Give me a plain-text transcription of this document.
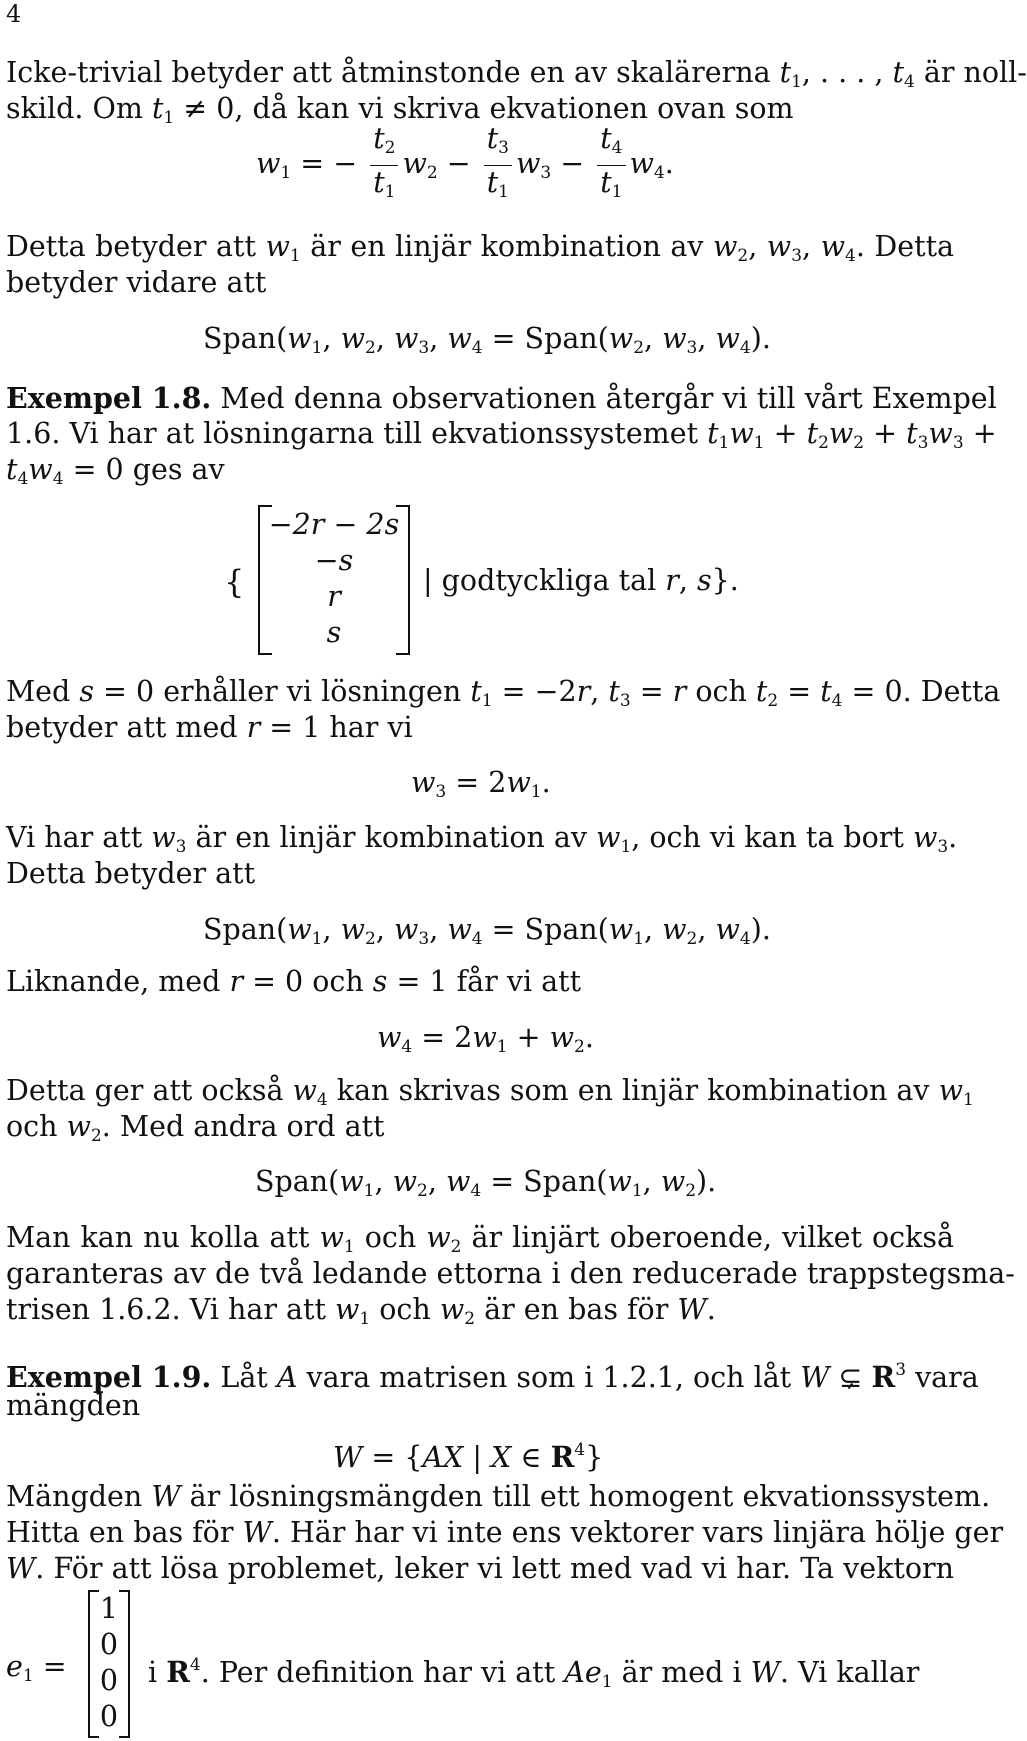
4
Icke-trivial betyder att åtminstonde en av skalärerna $t_1$, . . . , $t_4$ är noll-
skild. Om $t_1 \ne 0$, då kan vi skriva ekvationen ovan som
$w_1$ = − $\frac{t_2}{t_1} w_2 - \frac{t_3}{t_1} w_3 - \frac{t_4}{t_1} w_4$.
Detta betyder att $w_1$ är en linjär kombination av $w_2$, $w_3$, $w_4$. Detta
betyder vidare att
$Span(w_1$, $w_2$, $w_3$, $w_4$ = $Span(w_2$, $w_3$, $w_4$).
Exempel 1.8. Med denna observationen återgår vi till vårt Exempel
1.6. Vi har at lösningarna till ekvationssystemet $t_1w_1 + t_2w_2 + t_3w_3$ +
$t_4w_4 = 0$ ges av
{
−2r − 2s
−s
r
s
| godtyckliga tal r, s}.
Med s = 0 erhåller vi lösningen $t_1 = -2r$, $t_3 = r$ och $t_2 = t_4 = 0$. Detta
betyder att med r = 1 har vi
$w_3 = 2w_1$.
Vi har att $w_3$ är en linjär kombination av $w_1$, och vi kan ta bort $w_3$.
Detta betyder att
$Span(w_1$, $w_2$, $w_3$, $w_4$ = $Span(w_1$, $w_2$, $w_4$).
Liknande, med r = 0 och s = 1 får vi att
$w_4 = 2w_1 + w_2$.
Detta ger att också $w_4$ kan skrivas som en linjär kombination av $w_1$
och $w_2$. Med andra ord att
$Span(w_1$, $w_2$, $w_4$ = $Span(w_1$, $w_2$).
Man kan nu kolla att $w_1$ och $w_2$ är linjärt oberoende, vilket också
garanteras av de två ledande ettorna i den reducerade trappstegsma-
trisen 1.6.2. Vi har att $w_1$ och $w_2$ är en bas för W.
Exempel 1.9. Låt A vara matrisen som i 1.2.1, och låt W ⊊ $R^3$ vara
mängden
W = {AX | X ∈ $R^4$}
Mängden W är lösningsmängden till ett homogent ekvationssystem.
Hitta en bas för W. Här har vi inte ens vektorer vars linjära hölje ger
W. För att lösa problemet, leker vi lett med vad vi har. Ta vektorn
$e_1$ =
1
0
0
0
i $R^4$. Per definition har vi att $Ae_1$ är med i W. Vi kallar
